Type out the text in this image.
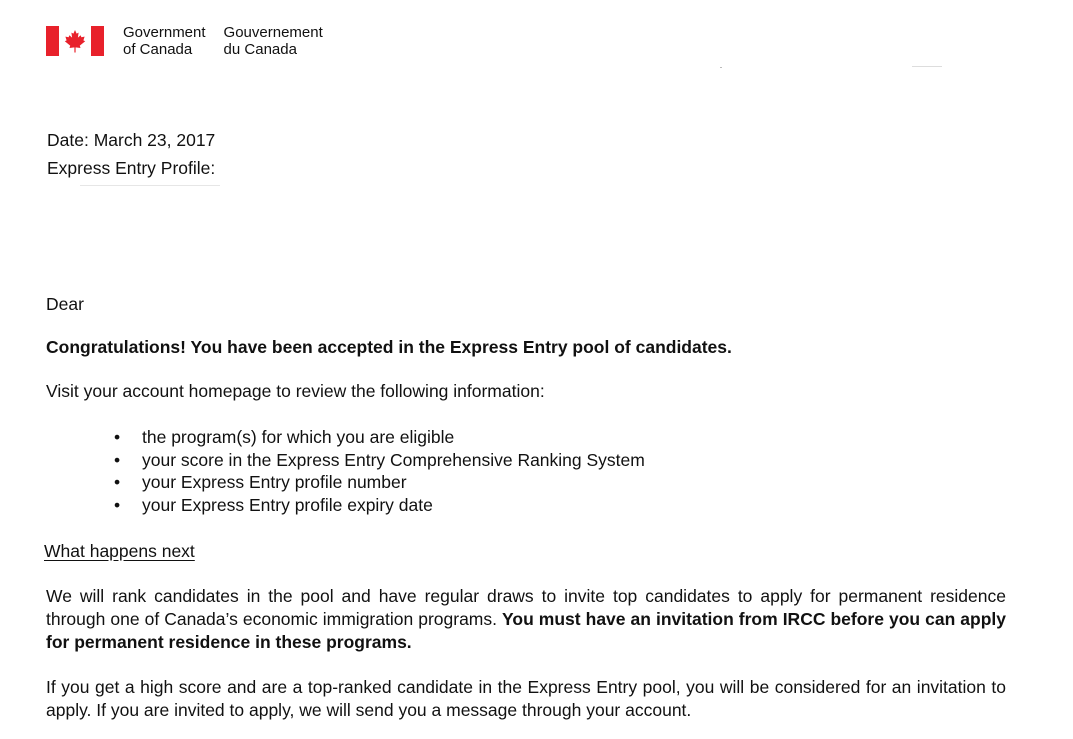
Government
of Canada
Gouvernement
du Canada
Date: March 23, 2017
Express Entry Profile:
Dear
Congratulations! You have been accepted in the Express Entry pool of candidates.
Visit your account homepage to review the following information:
• the program(s) for which you are eligible
• your score in the Express Entry Comprehensive Ranking System
• your Express Entry profile number
• your Express Entry profile expiry date
What happens next
We will rank candidates in the pool and have regular draws to invite top candidates to apply for permanent residence through one of Canada’s economic immigration programs. You must have an invitation from IRCC before you can apply for permanent residence in these programs.
If you get a high score and are a top-ranked candidate in the Express Entry pool, you will be considered for an invitation to apply. If you are invited to apply, we will send you a message through your account.
